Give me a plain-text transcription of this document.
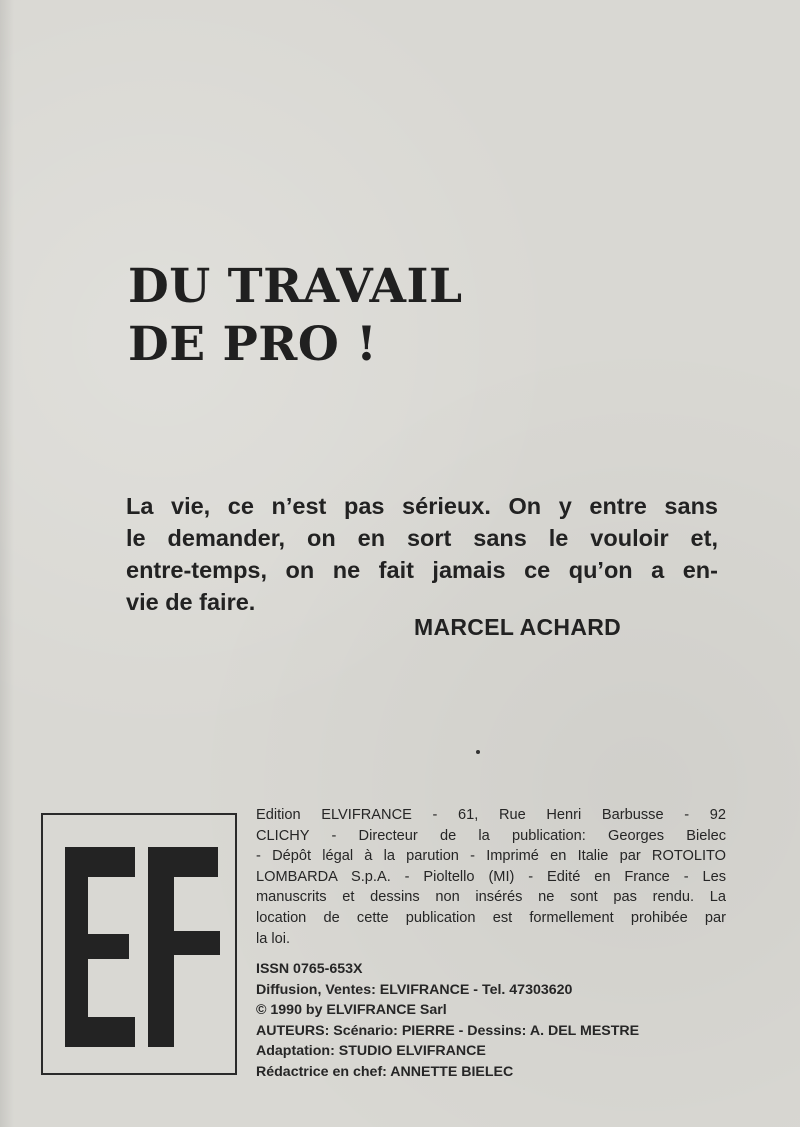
DU TRAVAIL
DE PRO !

La vie, ce n’est pas sérieux. On y entre sans
le demander, on en sort sans le vouloir et,
entre-temps, on ne fait jamais ce qu’on a en-
vie de faire.

MARCEL ACHARD

Edition ELVIFRANCE - 61, Rue Henri Barbusse - 92
CLICHY - Directeur de la publication: Georges Bielec
- Dépôt légal à la parution - Imprimé en Italie par ROTOLITO
LOMBARDA S.p.A. - Pioltello (MI) - Edité en France - Les
manuscrits et dessins non insérés ne sont pas rendu. La
location de cette publication est formellement prohibée par
la loi.

ISSN 0765-653X
Diffusion, Ventes: ELVIFRANCE - Tel. 47303620
© 1990 by ELVIFRANCE Sarl
AUTEURS: Scénario: PIERRE - Dessins: A. DEL MESTRE
Adaptation: STUDIO ELVIFRANCE
Rédactrice en chef: ANNETTE BIELEC
